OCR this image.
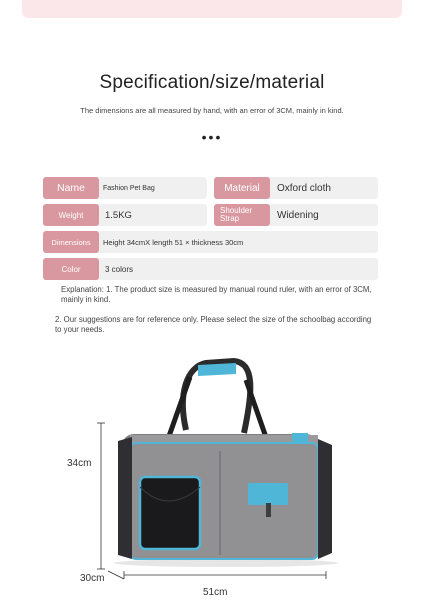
Specification/size/material
The dimensions are all measured by hand, with an error of 3CM, mainly in kind.
•••
Name	Fashion Pet Bag	Material	Oxford cloth
Weight	1.5KG	Shoulder Strap	Widening
Dimensions	Height 34cmX length 51 × thickness 30cm
Color	3 colors
Explanation: 1. The product size is measured by manual round ruler, with an error of 3CM, mainly in kind.
2. Our suggestions are for reference only. Please select the size of the schoolbag according to your needs.
34cm
30cm
51cm
